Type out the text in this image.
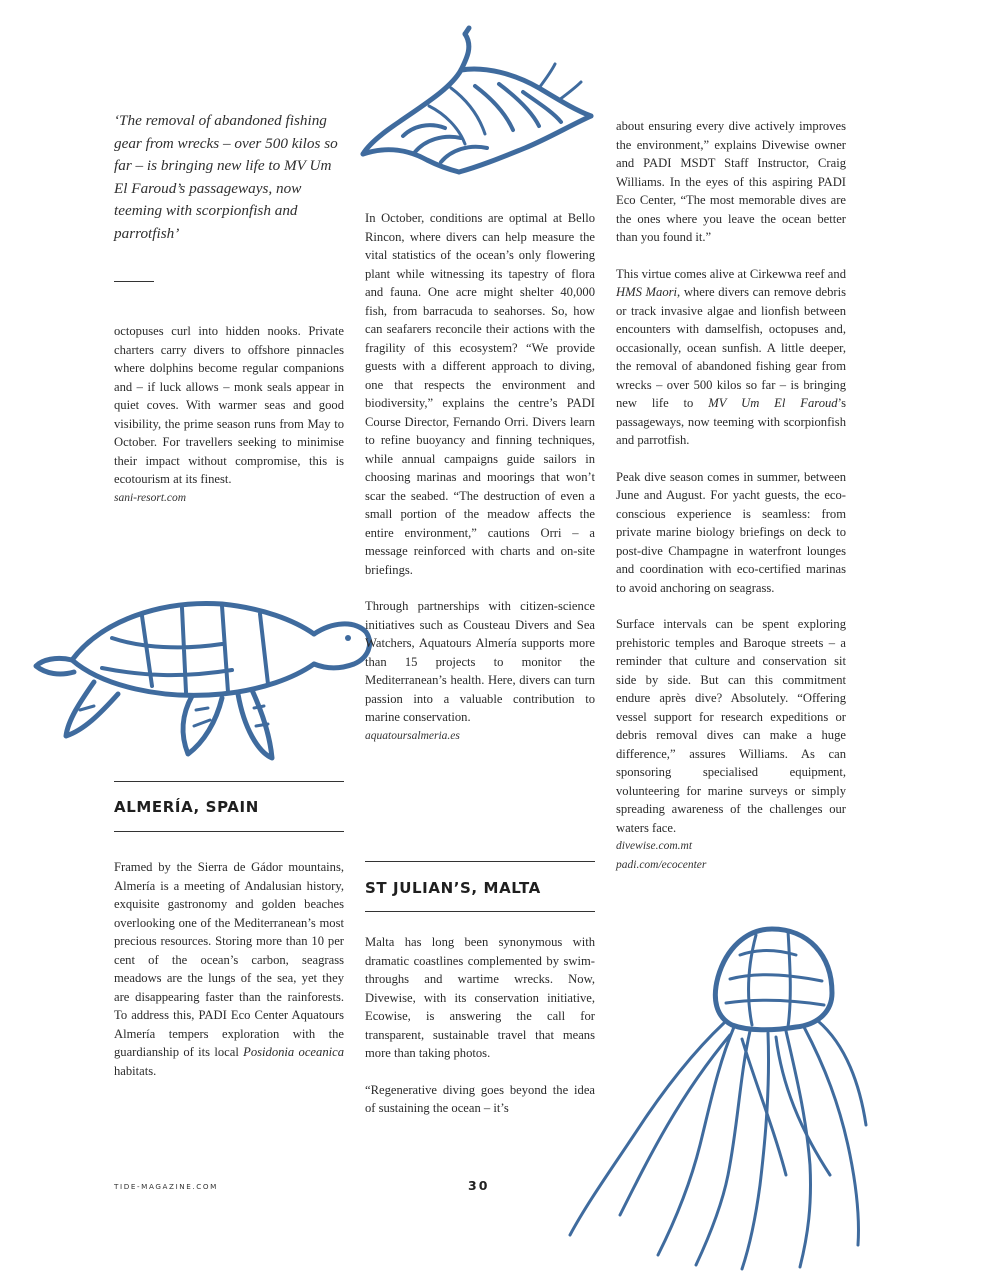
‘The removal of abandoned fishing gear from wrecks – over 500 kilos so far – is bringing new life to MV Um El Faroud’s passageways, now teeming with scorpionfish and parrotfish’

octopuses curl into hidden nooks. Private charters carry divers to offshore pinnacles where dolphins become regular companions and – if luck allows – monk seals appear in quiet coves. With warmer seas and good visibility, the prime season runs from May to October. For travellers seeking to minimise their impact without compromise, this is ecotourism at its finest.

sani-resort.com

ALMERÍA, SPAIN

Framed by the Sierra de Gádor mountains, Almería is a meeting of Andalusian history, exquisite gastronomy and golden beaches overlooking one of the Mediterranean’s most precious resources. Storing more than 10 per cent of the ocean’s carbon, seagrass meadows are the lungs of the sea, yet they are disappearing faster than the rainforests. To address this, PADI Eco Center Aquatours Almería tempers exploration with the guardianship of its local Posidonia oceanica habitats.

In October, conditions are optimal at Bello Rincon, where divers can help measure the vital statistics of the ocean’s only flowering plant while witnessing its tapestry of flora and fauna. One acre might shelter 40,000 fish, from barracuda to seahorses. So, how can seafarers reconcile their actions with the fragility of this ecosystem? “We provide guests with a different approach to diving, one that respects the environment and biodiversity,” explains the centre’s PADI Course Director, Fernando Orri. Divers learn to refine buoyancy and finning techniques, while annual campaigns guide sailors in choosing marinas and moorings that won’t scar the seabed. “The destruction of even a small portion of the meadow affects the entire environment,” cautions Orri – a message reinforced with charts and on-site briefings.

Through partnerships with citizen-science initiatives such as Cousteau Divers and Sea Watchers, Aquatours Almería supports more than 15 projects to monitor the Mediterranean’s health. Here, divers can turn passion into a valuable contribution to marine conservation.

aquatoursalmeria.es

ST JULIAN’S, MALTA

Malta has long been synonymous with dramatic coastlines complemented by swim-throughs and wartime wrecks. Now, Divewise, with its conservation initiative, Ecowise, is answering the call for transparent, sustainable travel that means more than taking photos.

“Regenerative diving goes beyond the idea of sustaining the ocean – it’s

about ensuring every dive actively improves the environment,” explains Divewise owner and PADI MSDT Staff Instructor, Craig Williams. In the eyes of this aspiring PADI Eco Center, “The most memorable dives are the ones where you leave the ocean better than you found it.”

This virtue comes alive at Cirkewwa reef and HMS Maori, where divers can remove debris or track invasive algae and lionfish between encounters with damselfish, octopuses and, occasionally, ocean sunfish. A little deeper, the removal of abandoned fishing gear from wrecks – over 500 kilos so far – is bringing new life to MV Um El Faroud’s passageways, now teeming with scorpionfish and parrotfish.

Peak dive season comes in summer, between June and August. For yacht guests, the eco-conscious experience is seamless: from private marine biology briefings on deck to post-dive Champagne in waterfront lounges and coordination with eco-certified marinas to avoid anchoring on seagrass.

Surface intervals can be spent exploring prehistoric temples and Baroque streets – a reminder that culture and conservation sit side by side. But can this commitment endure après dive? Absolutely. “Offering vessel support for research expeditions or debris removal dives can make a huge difference,” assures Williams. As can sponsoring specialised equipment, volunteering for marine surveys or simply spreading awareness of the challenges our waters face.

divewise.com.mt

padi.com/ecocenter

TIDE-MAGAZINE.COM	30
